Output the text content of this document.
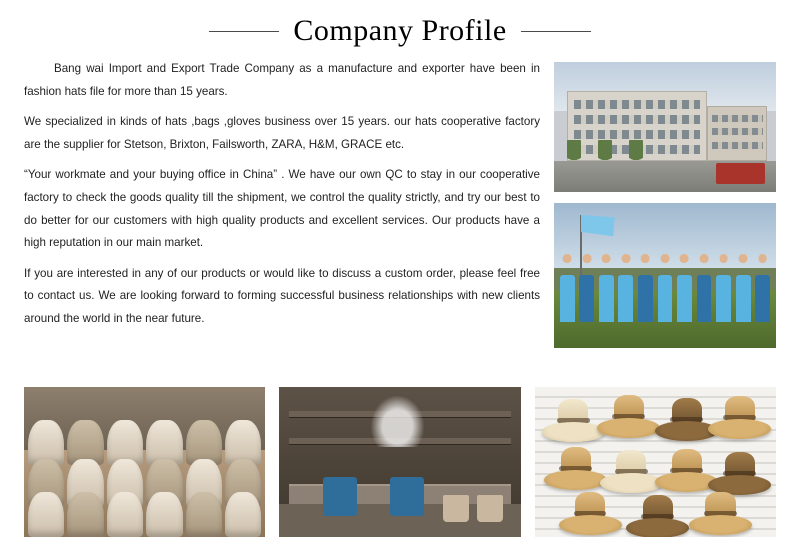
Company Profile

Bang wai Import and Export Trade Company as a manufacture and exporter have been in fashion hats file for more than 15 years.

We specialized in kinds of hats ,bags ,gloves business over 15 years. our hats cooperative factory are the supplier for Stetson, Brixton, Failsworth, ZARA, H&M, GRACE etc.

“Your workmate and your buying office in China” . We have our own QC to stay in our cooperative factory to check the goods quality till the shipment, we control the quality strictly, and try our best to do better for our customers with high quality products and excellent services. Our products have a high reputation in our main market.

If you are interested in any of our products or would like to discuss a custom order, please feel free to contact us. We are looking forward to forming successful business relationships with new clients around the world in the near future.
